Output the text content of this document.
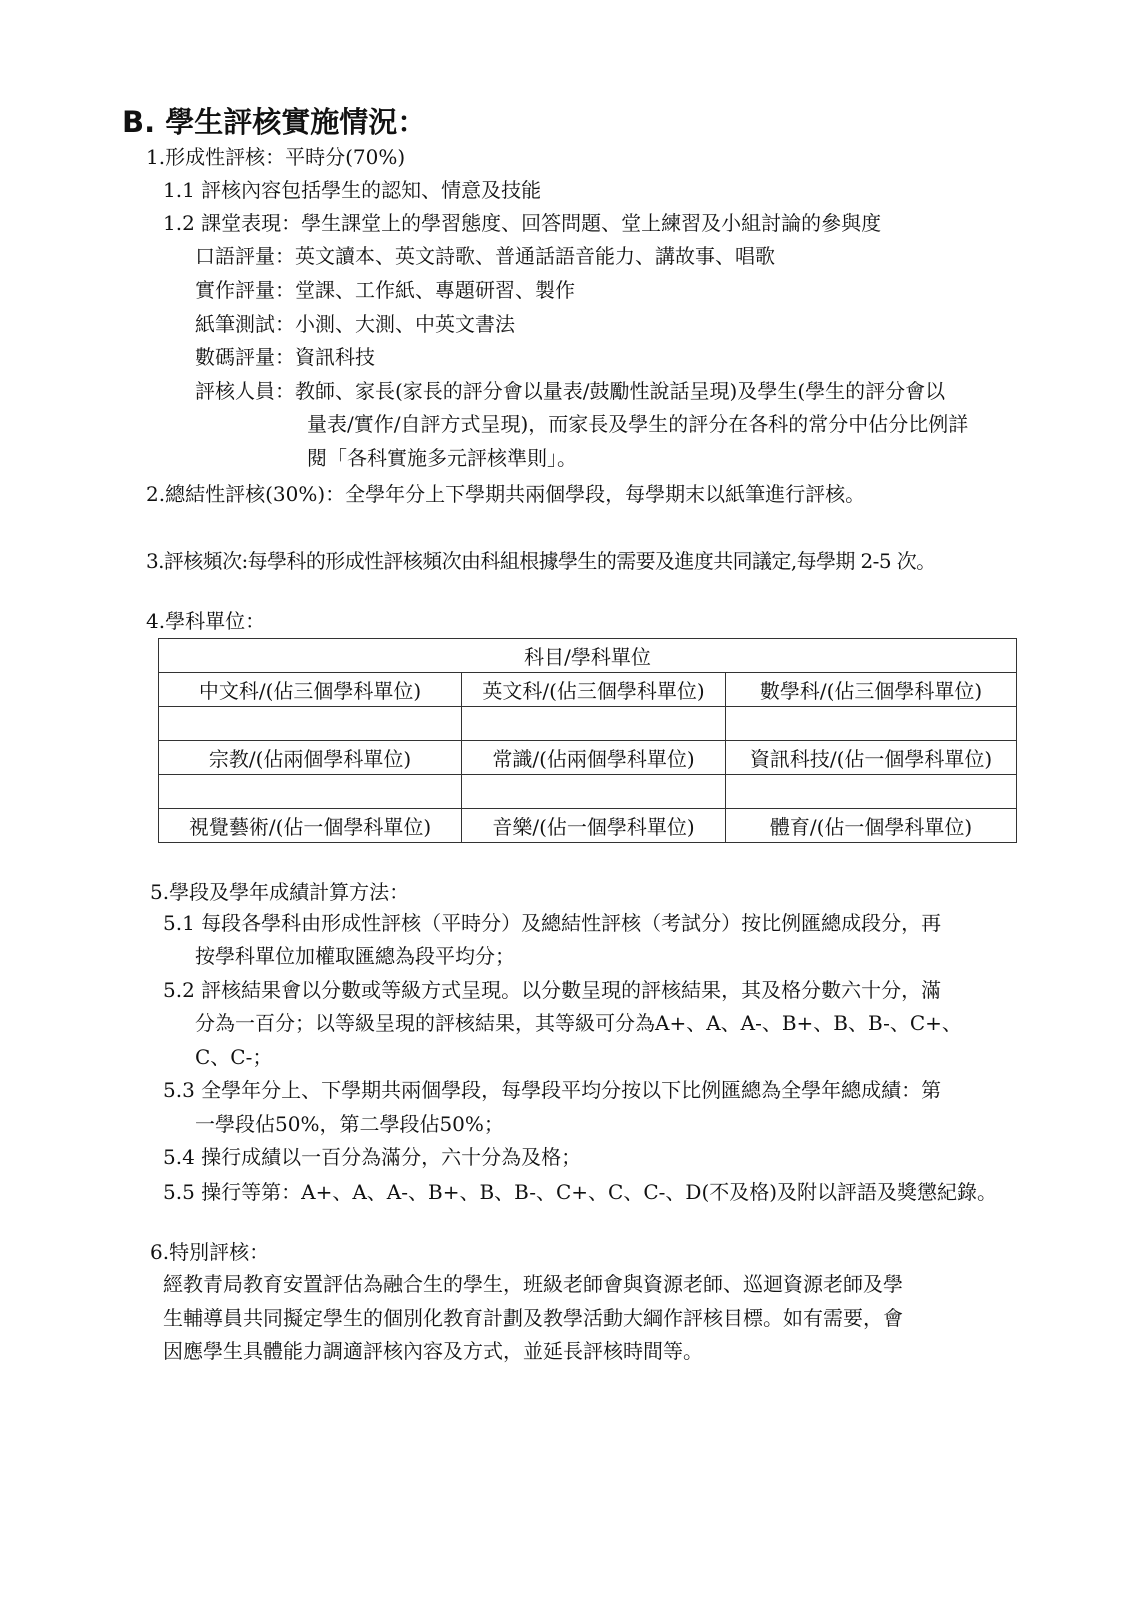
B. 學生評核實施情況：
1.形成性評核：平時分(70%)
1.1 評核內容包括學生的認知、情意及技能
1.2 課堂表現：學生課堂上的學習態度、回答問題、堂上練習及小組討論的參與度
口語評量：英文讀本、英文詩歌、普通話語音能力、講故事、唱歌
實作評量：堂課、工作紙、專題研習、製作
紙筆測試：小測、大測、中英文書法
數碼評量：資訊科技
評核人員：教師、家長(家長的評分會以量表/鼓勵性說話呈現)及學生(學生的評分會以
量表/實作/自評方式呈現)，而家長及學生的評分在各科的常分中佔分比例詳
閱「各科實施多元評核準則」。
2.總結性評核(30%)：全學年分上下學期共兩個學段，每學期末以紙筆進行評核。
3.評核頻次:每學科的形成性評核頻次由科組根據學生的需要及進度共同議定,每學期 2-5 次。
4.學科單位：
科目/學科單位		
中文科/(佔三個學科單位)	英文科/(佔三個學科單位)	數學科/(佔三個學科單位)

宗教/(佔兩個學科單位)	常識/(佔兩個學科單位)	資訊科技/(佔一個學科單位)

視覺藝術/(佔一個學科單位)	音樂/(佔一個學科單位)	體育/(佔一個學科單位)
5.學段及學年成績計算方法：
5.1 每段各學科由形成性評核（平時分）及總結性評核（考試分）按比例匯總成段分，再
按學科單位加權取匯總為段平均分；
5.2 評核結果會以分數或等級方式呈現。以分數呈現的評核結果，其及格分數六十分，滿
分為一百分；以等級呈現的評核結果，其等級可分為A+、A、A-、B+、B、B-、C+、
C、C-；
5.3 全學年分上、下學期共兩個學段，每學段平均分按以下比例匯總為全學年總成績：第
一學段佔50%，第二學段佔50%；
5.4 操行成績以一百分為滿分，六十分為及格；
5.5 操行等第：A+、A、A-、B+、B、B-、C+、C、C-、D(不及格)及附以評語及獎懲紀錄。
6.特別評核：
經教青局教育安置評估為融合生的學生，班級老師會與資源老師、巡迴資源老師及學
生輔導員共同擬定學生的個別化教育計劃及教學活動大綱作評核目標。如有需要，會
因應學生具體能力調適評核內容及方式，並延長評核時間等。
